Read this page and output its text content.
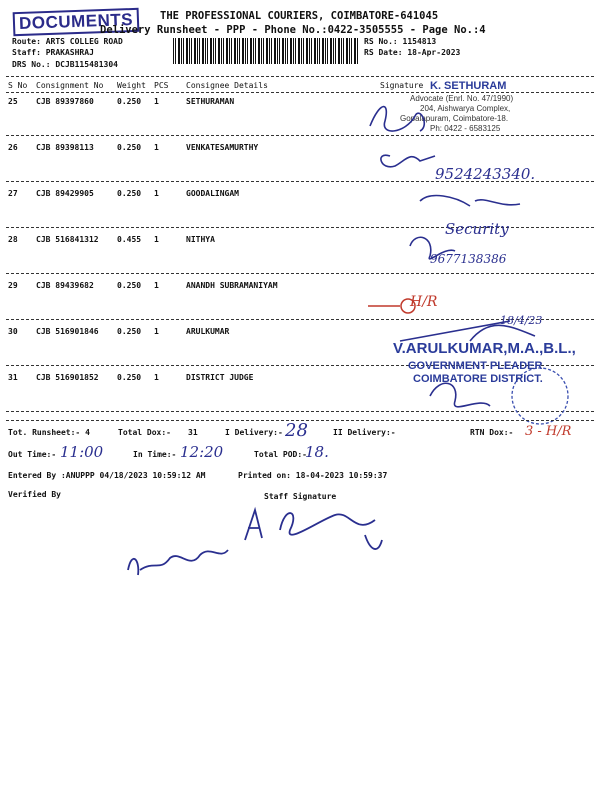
DOCUMENTS	THE PROFESSIONAL COURIERS, COIMBATORE-641045
Delivery Runsheet - PPP - Phone No.:0422-3505555 - Page No.:4
Route: ARTS COLLEG ROAD
Staff: PRAKASHRAJ
DRS No.: DCJB115481304
RS No.: 1154813
RS Date: 18-Apr-2023
S No Consignment No Weight PCS Consignee Details	Signature
25 CJB 89397860	0.250 1	SETHURAMAN
26 CJB 89398113	0.250 1	VENKATESAMURTHY
27 CJB 89429905	0.250 1	GOODALINGAM
28 CJB 516841312 0.455 1	NITHYA
29 CJB 89439682	0.250 1	ANANDH SUBRAMANIYAM
30 CJB 516901846 0.250 1	ARULKUMAR
31 CJB 516901852 0.250 1	DISTRICT JUDGE
K. SETHURAM
Advocate (Enrl. No. 47/1990)
204, Aishwarya Complex,
Gopalapuram, Coimbatore-18.
Ph: 0422 - 6583125
9524243340.
Security
9677138386
H/R
18/4/23
V.ARULKUMAR,M.A.,B.L.,
GOVERNMENT PLEADER
COIMBATORE DISTRICT.
Tot. Runsheet:- 4	Total Dox:- 31	I Delivery:- 28	II Delivery:-	RTN Dox:- 3 - H/R
Out Time:- 11:00	In Time:- 12:20	Total POD:-
18.
Entered By :ANUPPP 04/18/2023 10:59:12 AM	Printed on: 18-04-2023 10:59:37
Verified By	Staff Signature
